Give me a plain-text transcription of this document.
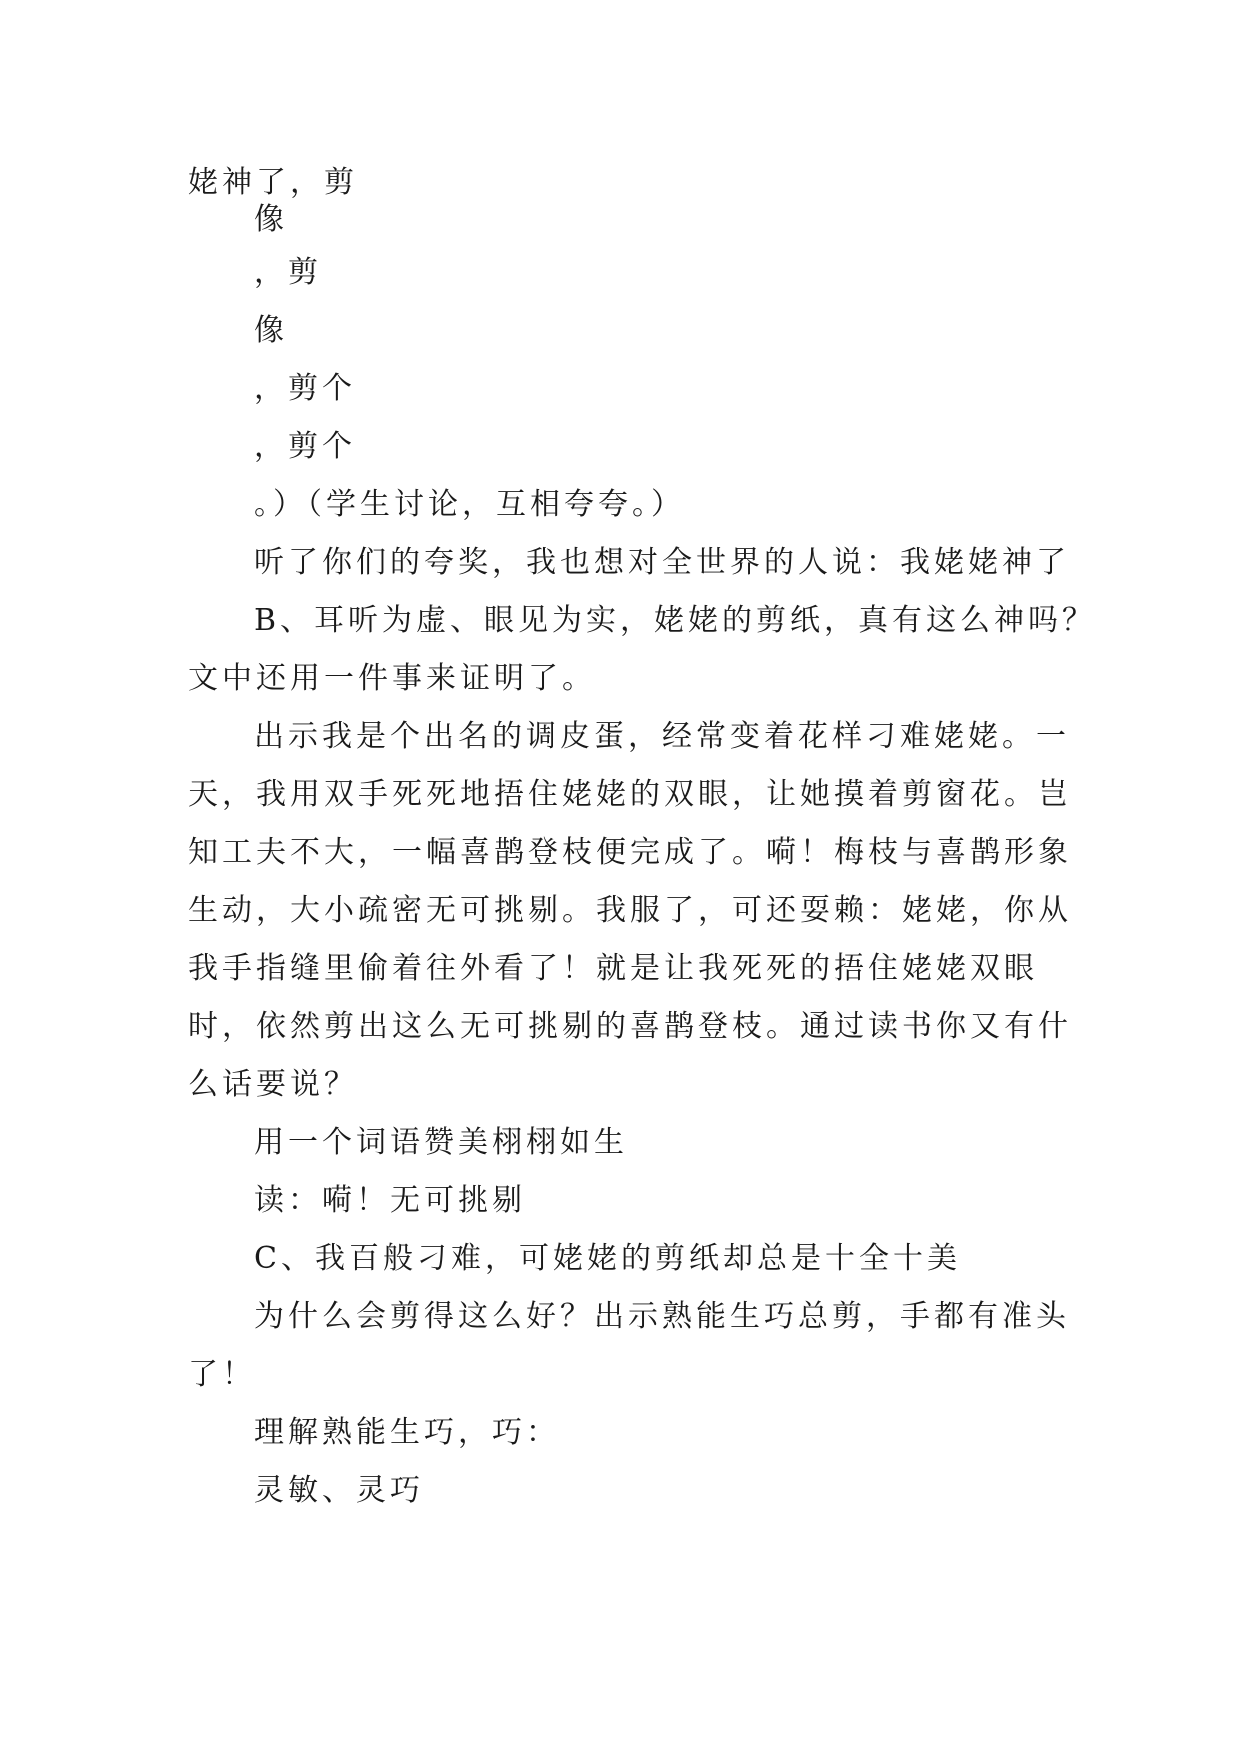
姥神了，剪
像
，剪
像
，剪个
，剪个
。）（学生讨论，互相夸夸。）
听了你们的夸奖，我也想对全世界的人说：我姥姥神了
B、耳听为虚、眼见为实，姥姥的剪纸，真有这么神吗？
文中还用一件事来证明了。
出示我是个出名的调皮蛋，经常变着花样刁难姥姥。一
天，我用双手死死地捂住姥姥的双眼，让她摸着剪窗花。岂
知工夫不大，一幅喜鹊登枝便完成了。嗬！梅枝与喜鹊形象
生动，大小疏密无可挑剔。我服了，可还耍赖：姥姥，你从
我手指缝里偷着往外看了！就是让我死死的捂住姥姥双眼
时，依然剪出这么无可挑剔的喜鹊登枝。通过读书你又有什
么话要说？
用一个词语赞美栩栩如生
读：嗬！无可挑剔
C、我百般刁难，可姥姥的剪纸却总是十全十美
为什么会剪得这么好？出示熟能生巧总剪，手都有准头
了！
理解熟能生巧，巧：
灵敏、灵巧
